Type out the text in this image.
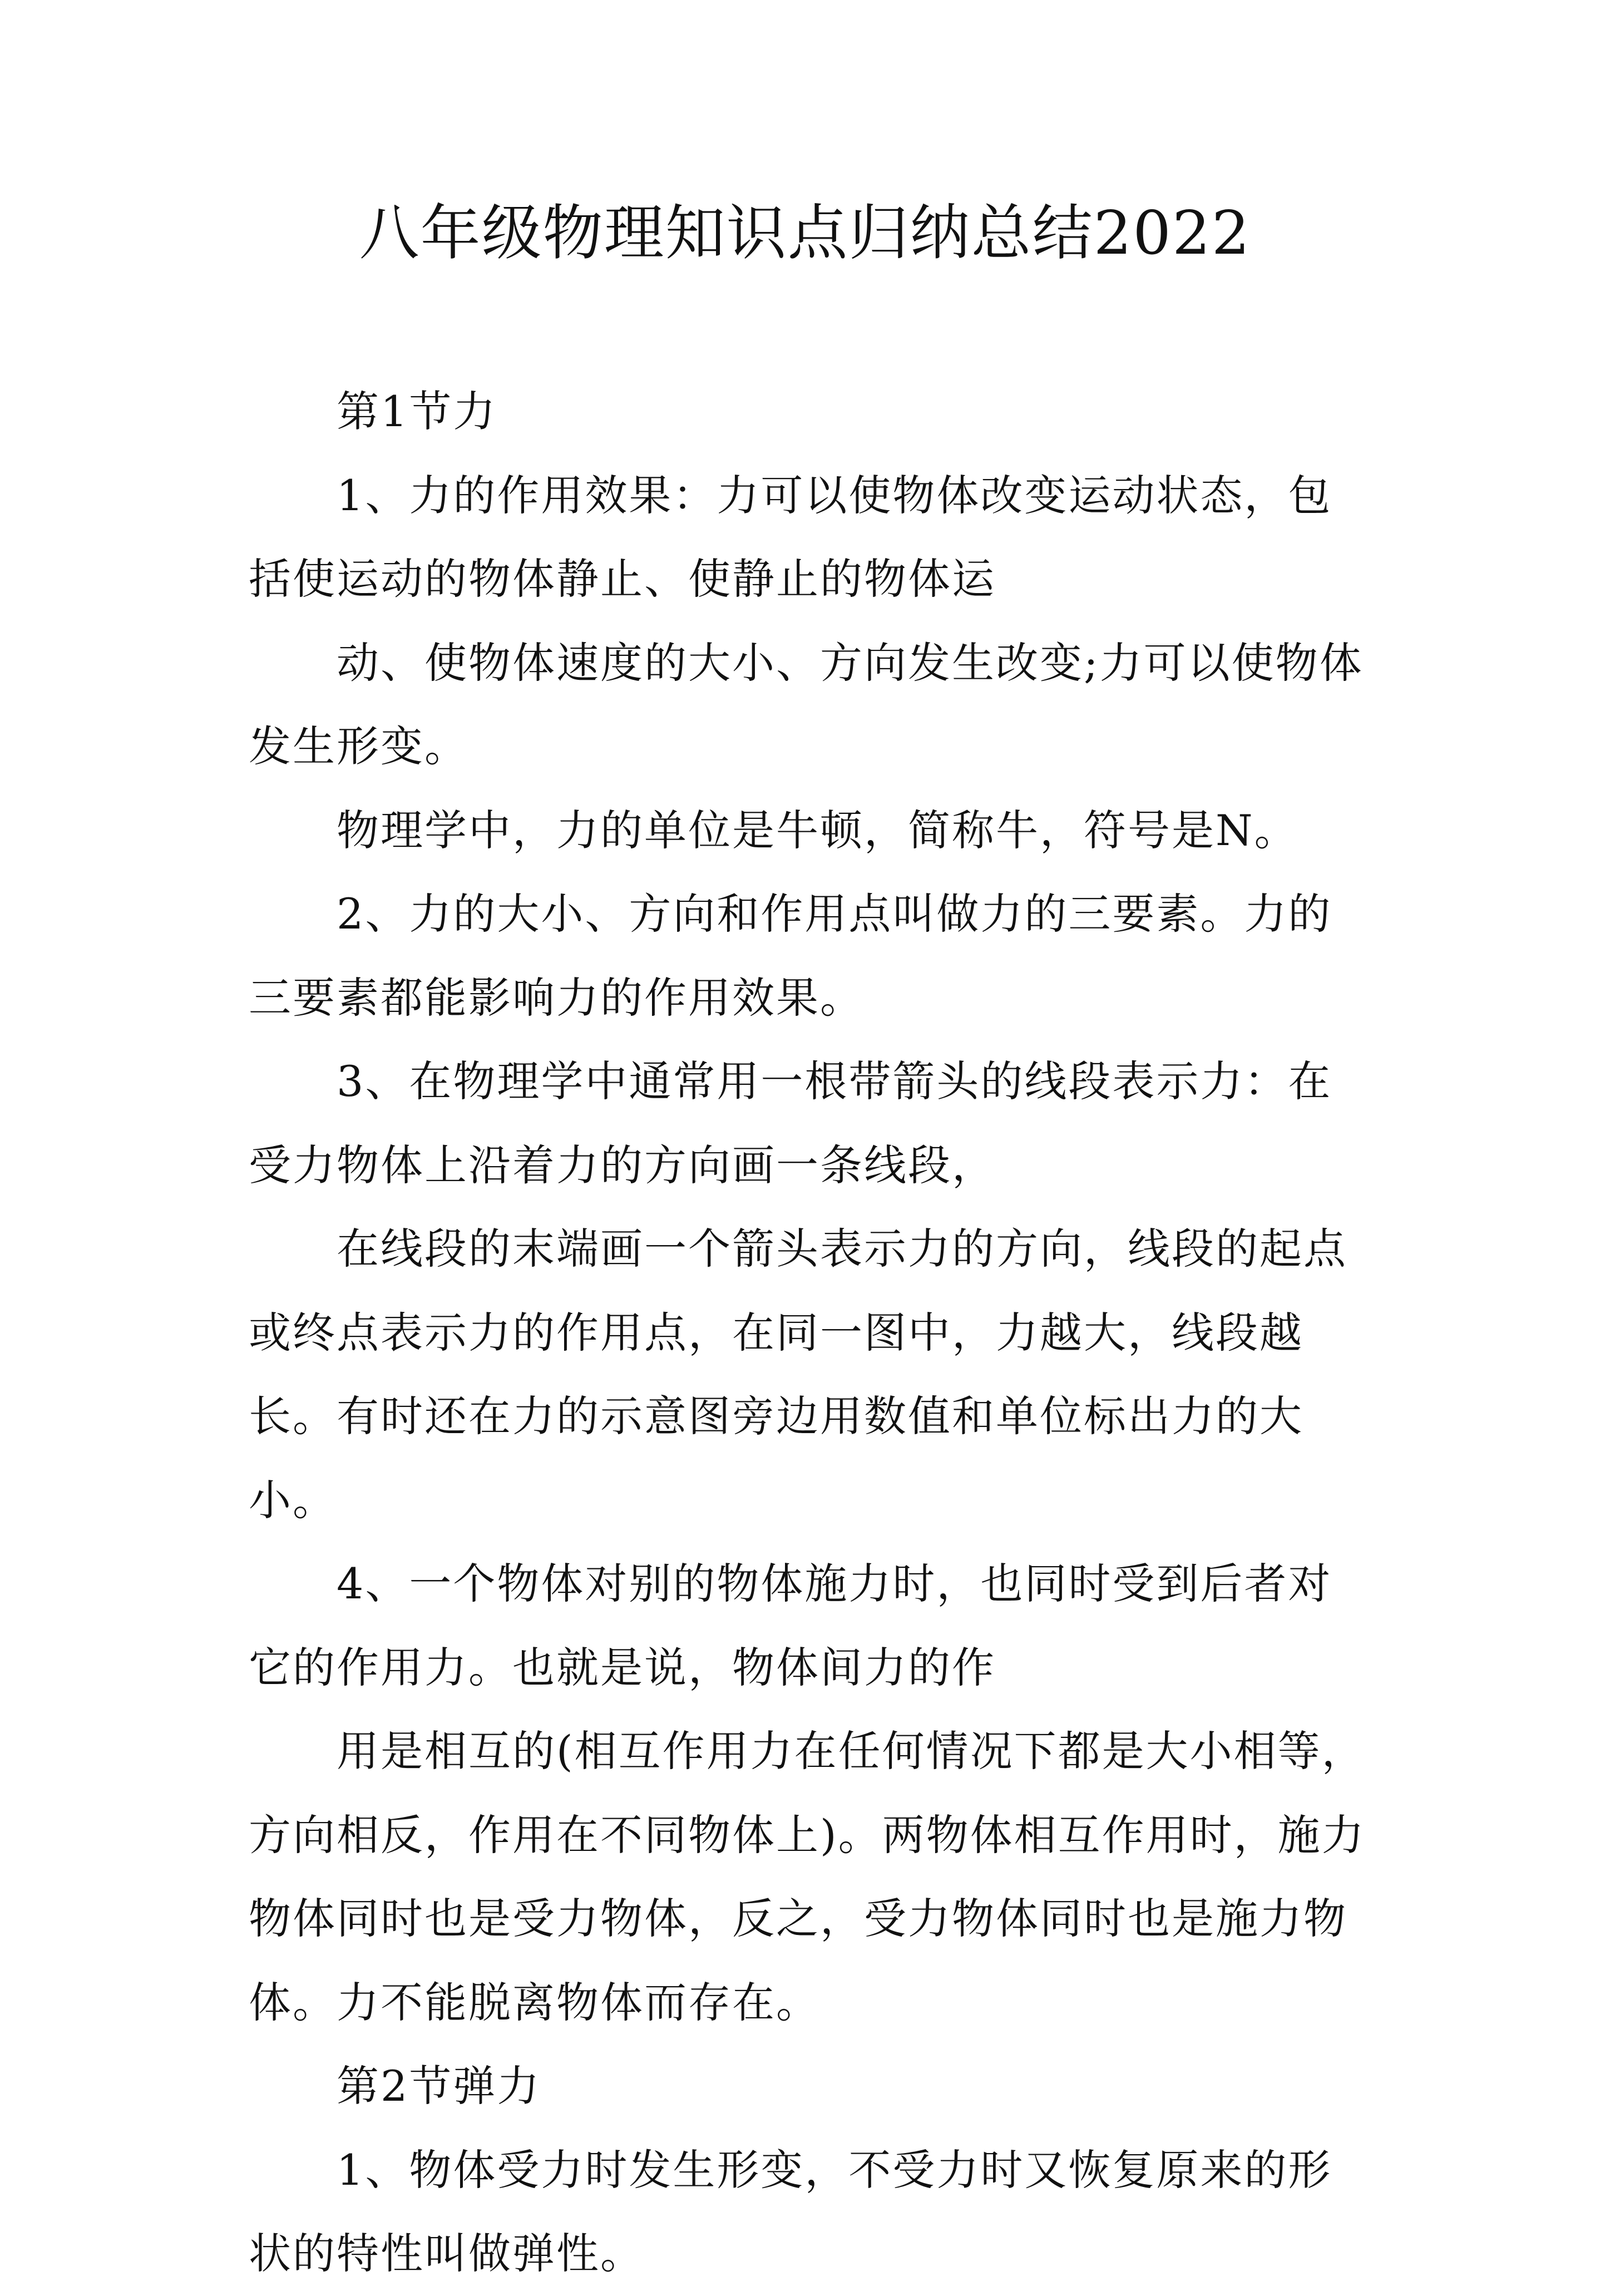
八年级物理知识点归纳总结2022

第1节力

1、力的作用效果：力可以使物体改变运动状态，包括使运动的物体静止、使静止的物体运

动、使物体速度的大小、方向发生改变;力可以使物体发生形变。

物理学中，力的单位是牛顿，简称牛，符号是N。

2、力的大小、方向和作用点叫做力的三要素。力的三要素都能影响力的作用效果。

3、在物理学中通常用一根带箭头的线段表示力：在受力物体上沿着力的方向画一条线段，

在线段的末端画一个箭头表示力的方向，线段的起点或终点表示力的作用点，在同一图中，力越大，线段越长。有时还在力的示意图旁边用数值和单位标出力的大小。

4、一个物体对别的物体施力时，也同时受到后者对它的作用力。也就是说，物体间力的作

用是相互的(相互作用力在任何情况下都是大小相等，方向相反，作用在不同物体上)。两物体相互作用时，施力物体同时也是受力物体，反之，受力物体同时也是施力物体。力不能脱离物体而存在。

第2节弹力

1、物体受力时发生形变，不受力时又恢复原来的形状的特性叫做弹性。
